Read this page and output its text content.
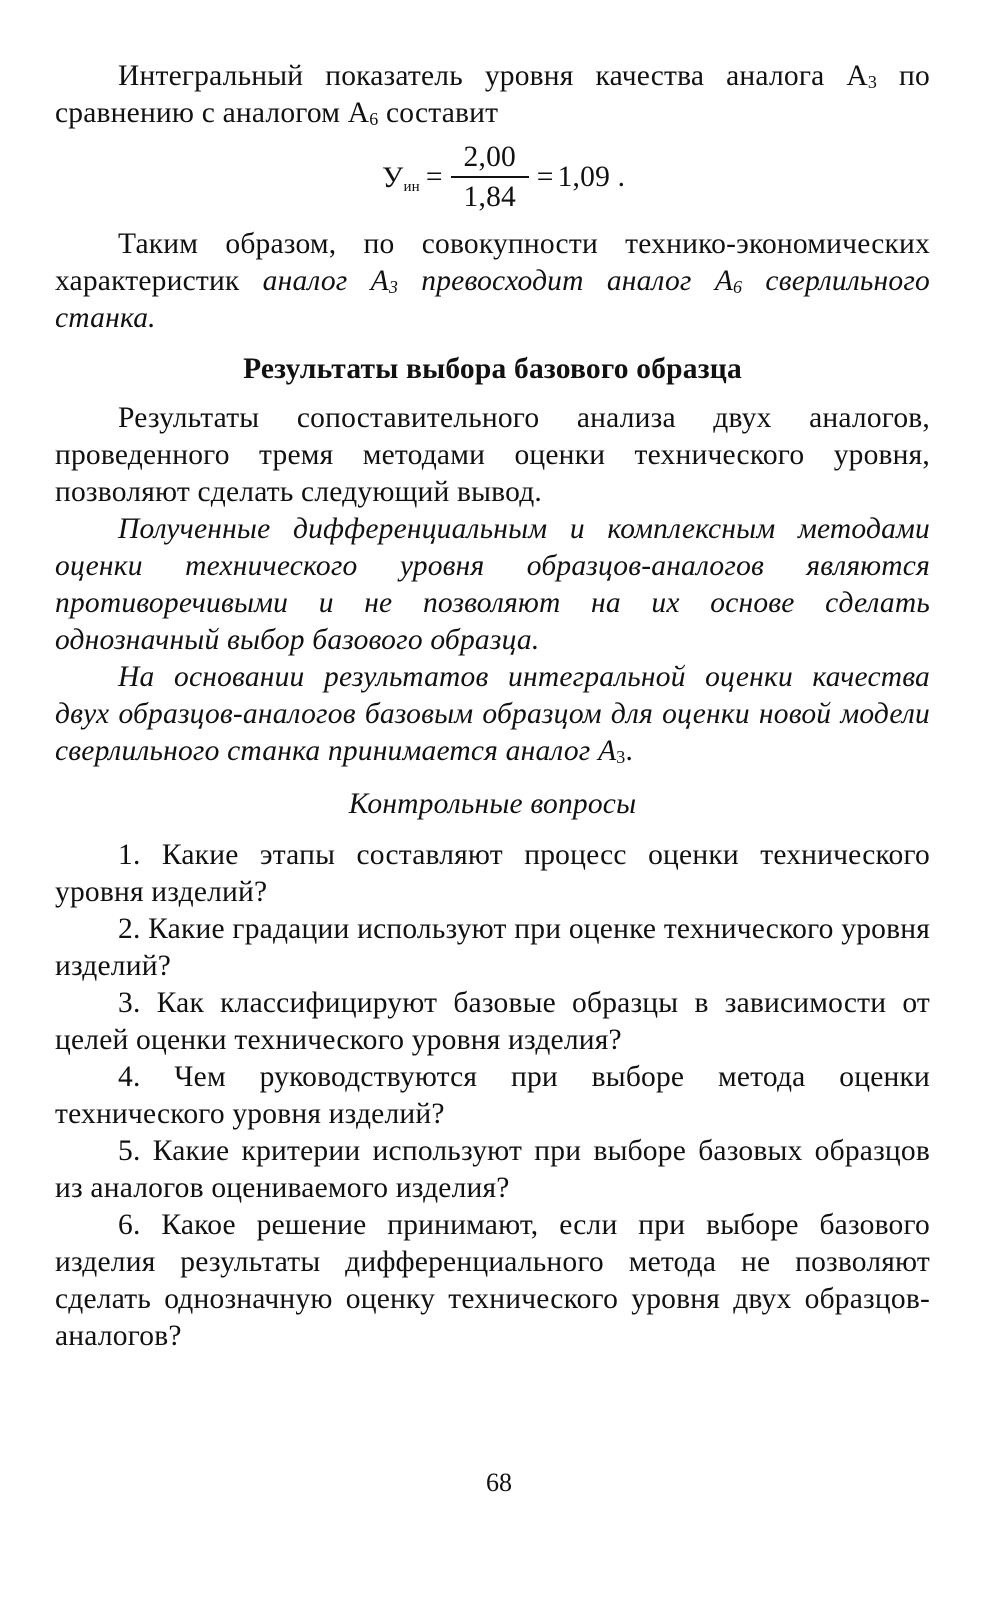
Интегральный показатель уровня качества аналога $А_3$ по сравнению с аналогом $А_6$ составит

У ин = $\frac{2,00}{1,84} = 1,09$ .

Таким образом, по совокупности технико-экономических характеристик аналог $А_3$ превосходит аналог $А_6$ сверлильного станка.

Результаты выбора базового образца

Результаты сопоставительного анализа двух аналогов, проведенного тремя методами оценки технического уровня, позволяют сделать следующий вывод.

Полученные дифференциальным и комплексным методами оценки технического уровня образцов-аналогов являются противоречивыми и не позволяют на их основе сделать однозначный выбор базового образца.

На основании результатов интегральной оценки качества двух образцов-аналогов базовым образцом для оценки новой модели сверлильного станка принимается аналог $А_3$.

Контрольные вопросы

1. Какие этапы составляют процесс оценки технического уровня изделий?

2. Какие градации используют при оценке технического уровня изделий?

3. Как классифицируют базовые образцы в зависимости от целей оценки технического уровня изделия?

4. Чем руководствуются при выборе метода оценки технического уровня изделий?

5. Какие критерии используют при выборе базовых образцов из аналогов оцениваемого изделия?

6. Какое решение принимают, если при выборе базового изделия результаты дифференциального метода не позволяют сделать однозначную оценку технического уровня двух образцов-аналогов?

68
